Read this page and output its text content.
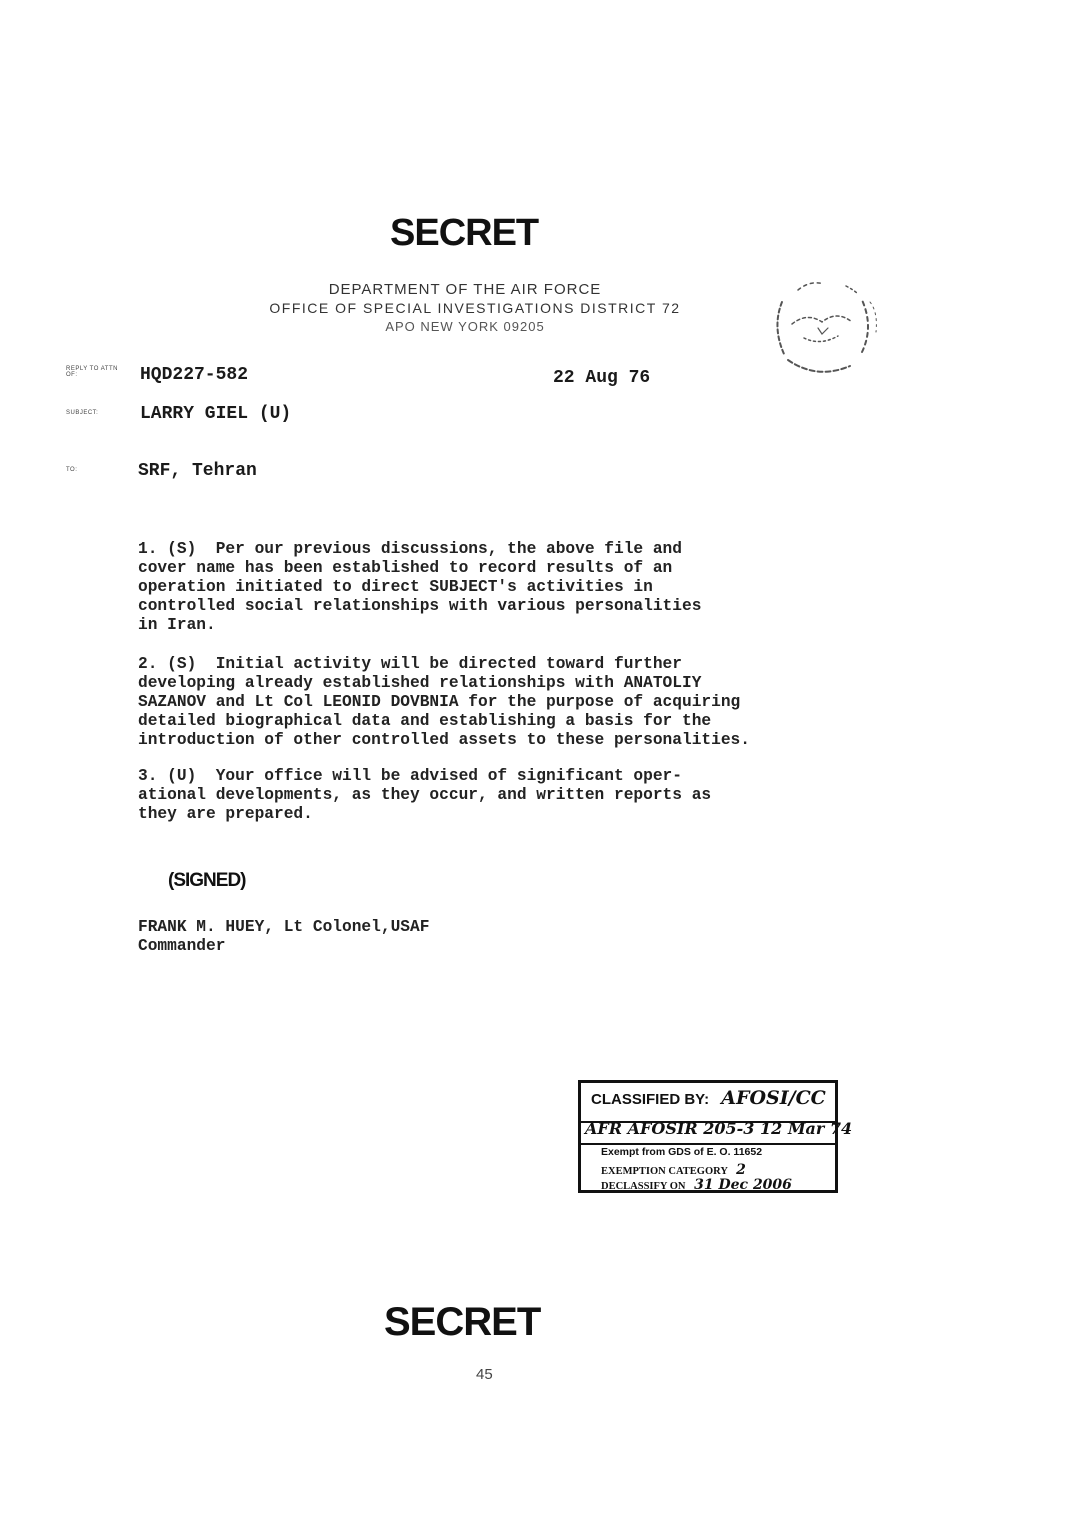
SECRET
DEPARTMENT OF THE AIR FORCE
OFFICE OF SPECIAL INVESTIGATIONS DISTRICT 72
APO NEW YORK 09205
REPLY TO ATTN OF:	HQD227-582	22 Aug 76
SUBJECT:	LARRY GIEL (U)
TO:	SRF, Tehran
1. (S)  Per our previous discussions, the above file and
cover name has been established to record results of an
operation initiated to direct SUBJECT's activities in
controlled social relationships with various personalities
in Iran.
2. (S)  Initial activity will be directed toward further
developing already established relationships with ANATOLIY
SAZANOV and Lt Col LEONID DOVBNIA for the purpose of acquiring
detailed biographical data and establishing a basis for the
introduction of other controlled assets to these personalities.
3. (U)  Your office will be advised of significant oper-
ational developments, as they occur, and written reports as
they are prepared.
(SIGNED)
FRANK M. HUEY, Lt Colonel,USAF
Commander
CLASSIFIED BY: AFOSI/CC
AFR AFOSIR 205-3 12 Mar 74
Exempt from GDS of E. O. 11652
EXEMPTION CATEGORY 2
DECLASSIFY ON 31 Dec 2006
SECRET
45
